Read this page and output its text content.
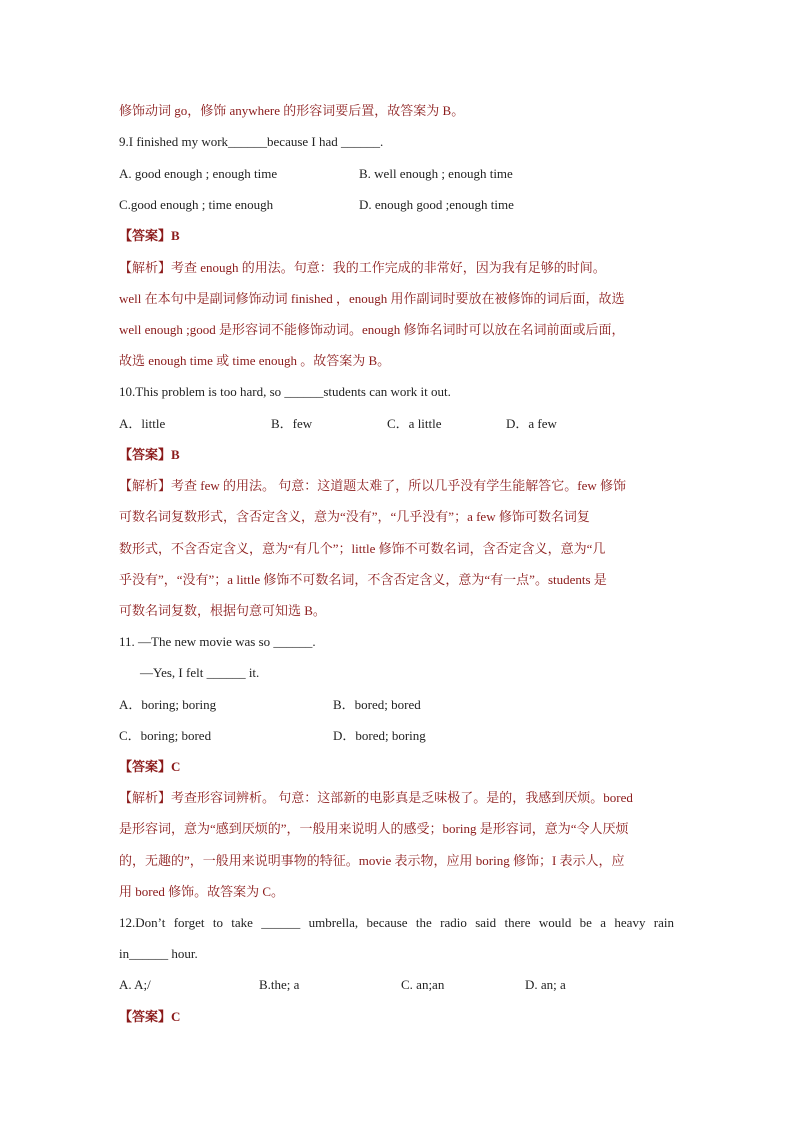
修饰动词 go，修饰 anywhere 的形容词要后置，故答案为 B。
9.I finished my work______because I had ______.
A. good enough ; enough time	B. well enough ; enough time
C.good enough ; time enough	D. enough good ;enough time
【答案】B
【解析】考查 enough 的用法。句意：我的工作完成的非常好，因为我有足够的时间。
well 在本句中是副词修饰动词 finished ，enough 用作副词时要放在被修饰的词后面，故选
well enough ;good 是形容词不能修饰动词。enough 修饰名词时可以放在名词前面或后面，
故选 enough time 或 time enough 。故答案为 B。
10.This problem is too hard, so ______students can work it out.
A．little	B．few	C．a little	D．a few
【答案】B
【解析】考查 few 的用法。 句意：这道题太难了，所以几乎没有学生能解答它。few 修饰
可数名词复数形式，含否定含义，意为“没有”，“几乎没有”；a few 修饰可数名词复
数形式，不含否定含义，意为“有几个”；little 修饰不可数名词，含否定含义，意为“几
乎没有”，“没有”；a little 修饰不可数名词，不含否定含义，意为“有一点”。students 是
可数名词复数，根据句意可知选 B。
11. —The new movie was so ______.
—Yes, I felt ______ it.
A．boring; boring	B．bored; bored
C．boring; bored	D．bored; boring
【答案】C
【解析】考查形容词辨析。 句意：这部新的电影真是乏味极了。是的，我感到厌烦。bored
是形容词，意为“感到厌烦的”，一般用来说明人的感受；boring 是形容词，意为“令人厌烦
的，无趣的”，一般用来说明事物的特征。movie 表示物，应用 boring 修饰；I 表示人，应
用 bored 修饰。故答案为 C。
12.Don’t forget to take ______ umbrella, because the radio said there would be a heavy rain
in______ hour.
A. A;/	B.the; a	C. an;an	D. an; a
【答案】C
